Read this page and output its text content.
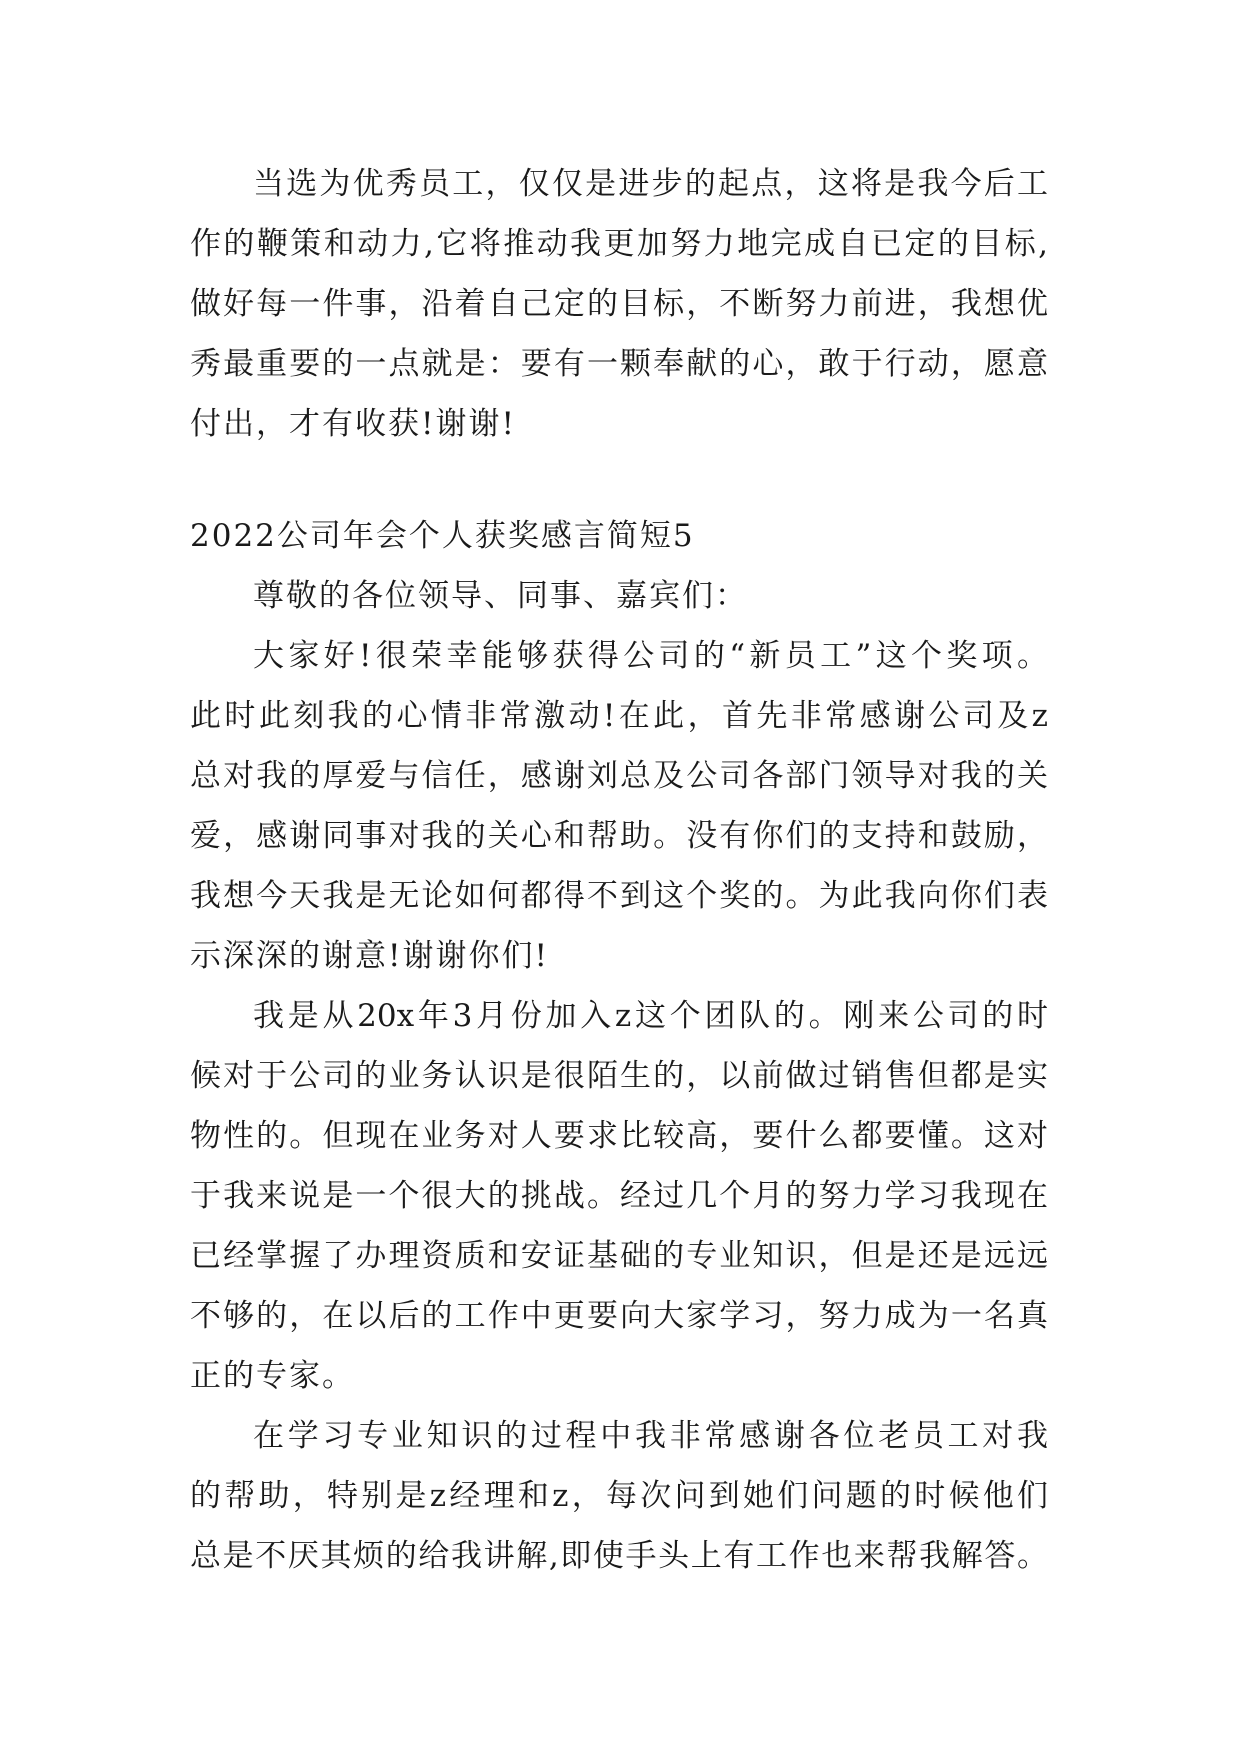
当选为优秀员工，仅仅是进步的起点，这将是我今后工
作的鞭策和动力,它将推动我更加努力地完成自已定的目标,
做好每一件事，沿着自己定的目标，不断努力前进，我想优
秀最重要的一点就是：要有一颗奉献的心，敢于行动，愿意
付出，才有收获!谢谢!
2022公司年会个人获奖感言简短5
尊敬的各位领导、同事、嘉宾们：
大家好!很荣幸能够获得公司的“新员工”这个奖项。
此时此刻我的心情非常激动!在此，首先非常感谢公司及z
总对我的厚爱与信任，感谢刘总及公司各部门领导对我的关
爱，感谢同事对我的关心和帮助。没有你们的支持和鼓励，
我想今天我是无论如何都得不到这个奖的。为此我向你们表
示深深的谢意!谢谢你们!
我是从20x年3月份加入z这个团队的。刚来公司的时
候对于公司的业务认识是很陌生的，以前做过销售但都是实
物性的。但现在业务对人要求比较高，要什么都要懂。这对
于我来说是一个很大的挑战。经过几个月的努力学习我现在
已经掌握了办理资质和安证基础的专业知识，但是还是远远
不够的，在以后的工作中更要向大家学习，努力成为一名真
正的专家。
在学习专业知识的过程中我非常感谢各位老员工对我
的帮助，特别是z经理和z，每次问到她们问题的时候他们
总是不厌其烦的给我讲解,即使手头上有工作也来帮我解答。
